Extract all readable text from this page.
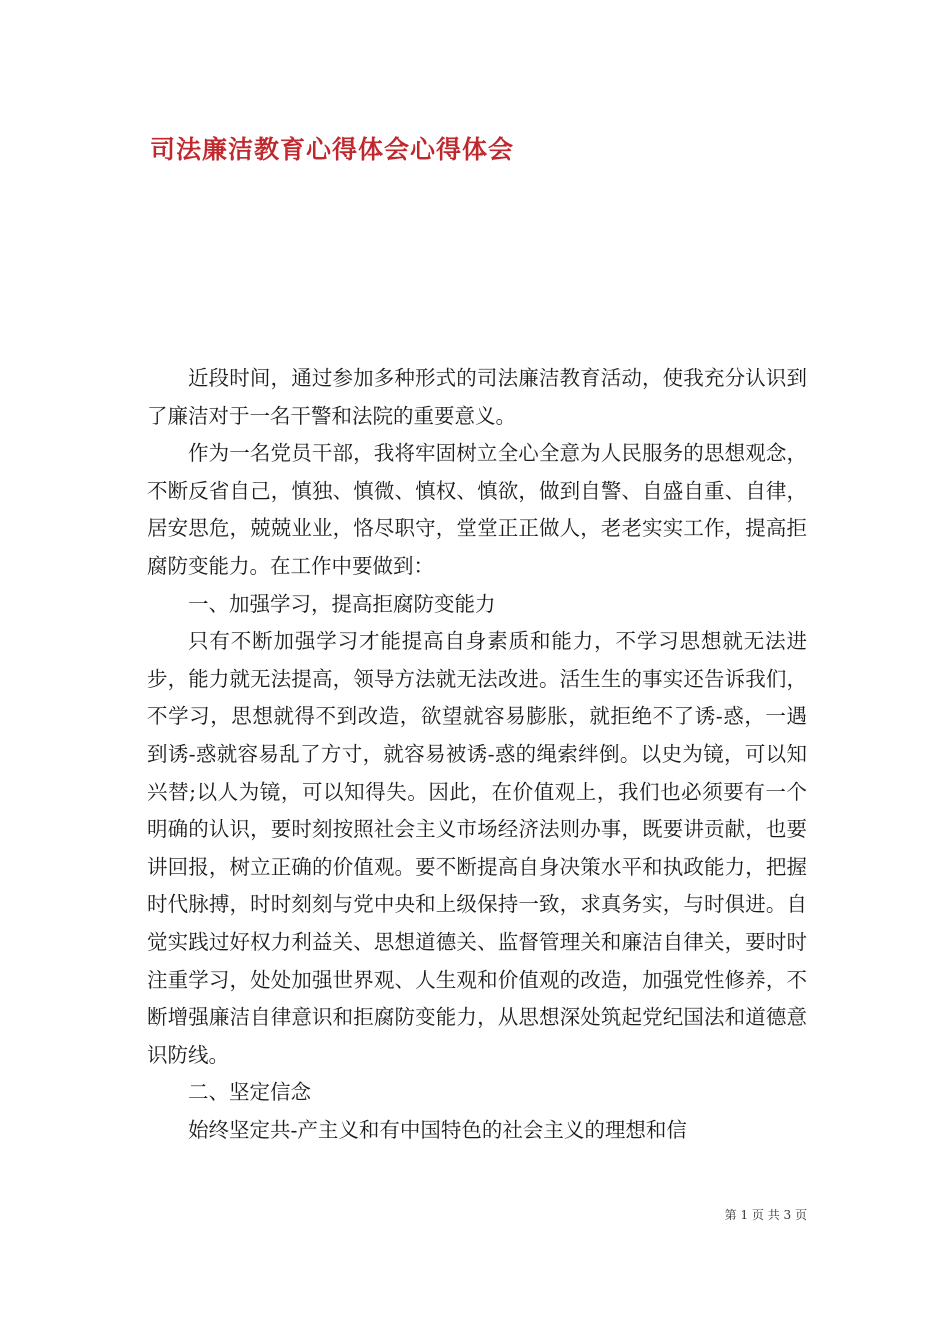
司法廉洁教育心得体会心得体会

近段时间，通过参加多种形式的司法廉洁教育活动，使我充分认识到了廉洁对于一名干警和法院的重要意义。

作为一名党员干部，我将牢固树立全心全意为人民服务的思想观念，不断反省自己，慎独、慎微、慎权、慎欲，做到自警、自盛自重、自律，居安思危，兢兢业业，恪尽职守，堂堂正正做人，老老实实工作，提高拒腐防变能力。在工作中要做到：

一、加强学习，提高拒腐防变能力

只有不断加强学习才能提高自身素质和能力，不学习思想就无法进步，能力就无法提高，领导方法就无法改进。活生生的事实还告诉我们，不学习，思想就得不到改造，欲望就容易膨胀，就拒绝不了诱-惑，一遇到诱-惑就容易乱了方寸，就容易被诱-惑的绳索绊倒。以史为镜，可以知兴替;以人为镜，可以知得失。因此，在价值观上，我们也必须要有一个明确的认识，要时刻按照社会主义市场经济法则办事，既要讲贡献，也要讲回报，树立正确的价值观。要不断提高自身决策水平和执政能力，把握时代脉搏，时时刻刻与党中央和上级保持一致，求真务实，与时俱进。自觉实践过好权力利益关、思想道德关、监督管理关和廉洁自律关，要时时注重学习，处处加强世界观、人生观和价值观的改造，加强党性修养，不断增强廉洁自律意识和拒腐防变能力，从思想深处筑起党纪国法和道德意识防线。

二、坚定信念

始终坚定共-产主义和有中国特色的社会主义的理想和信

第 1 页 共 3 页
